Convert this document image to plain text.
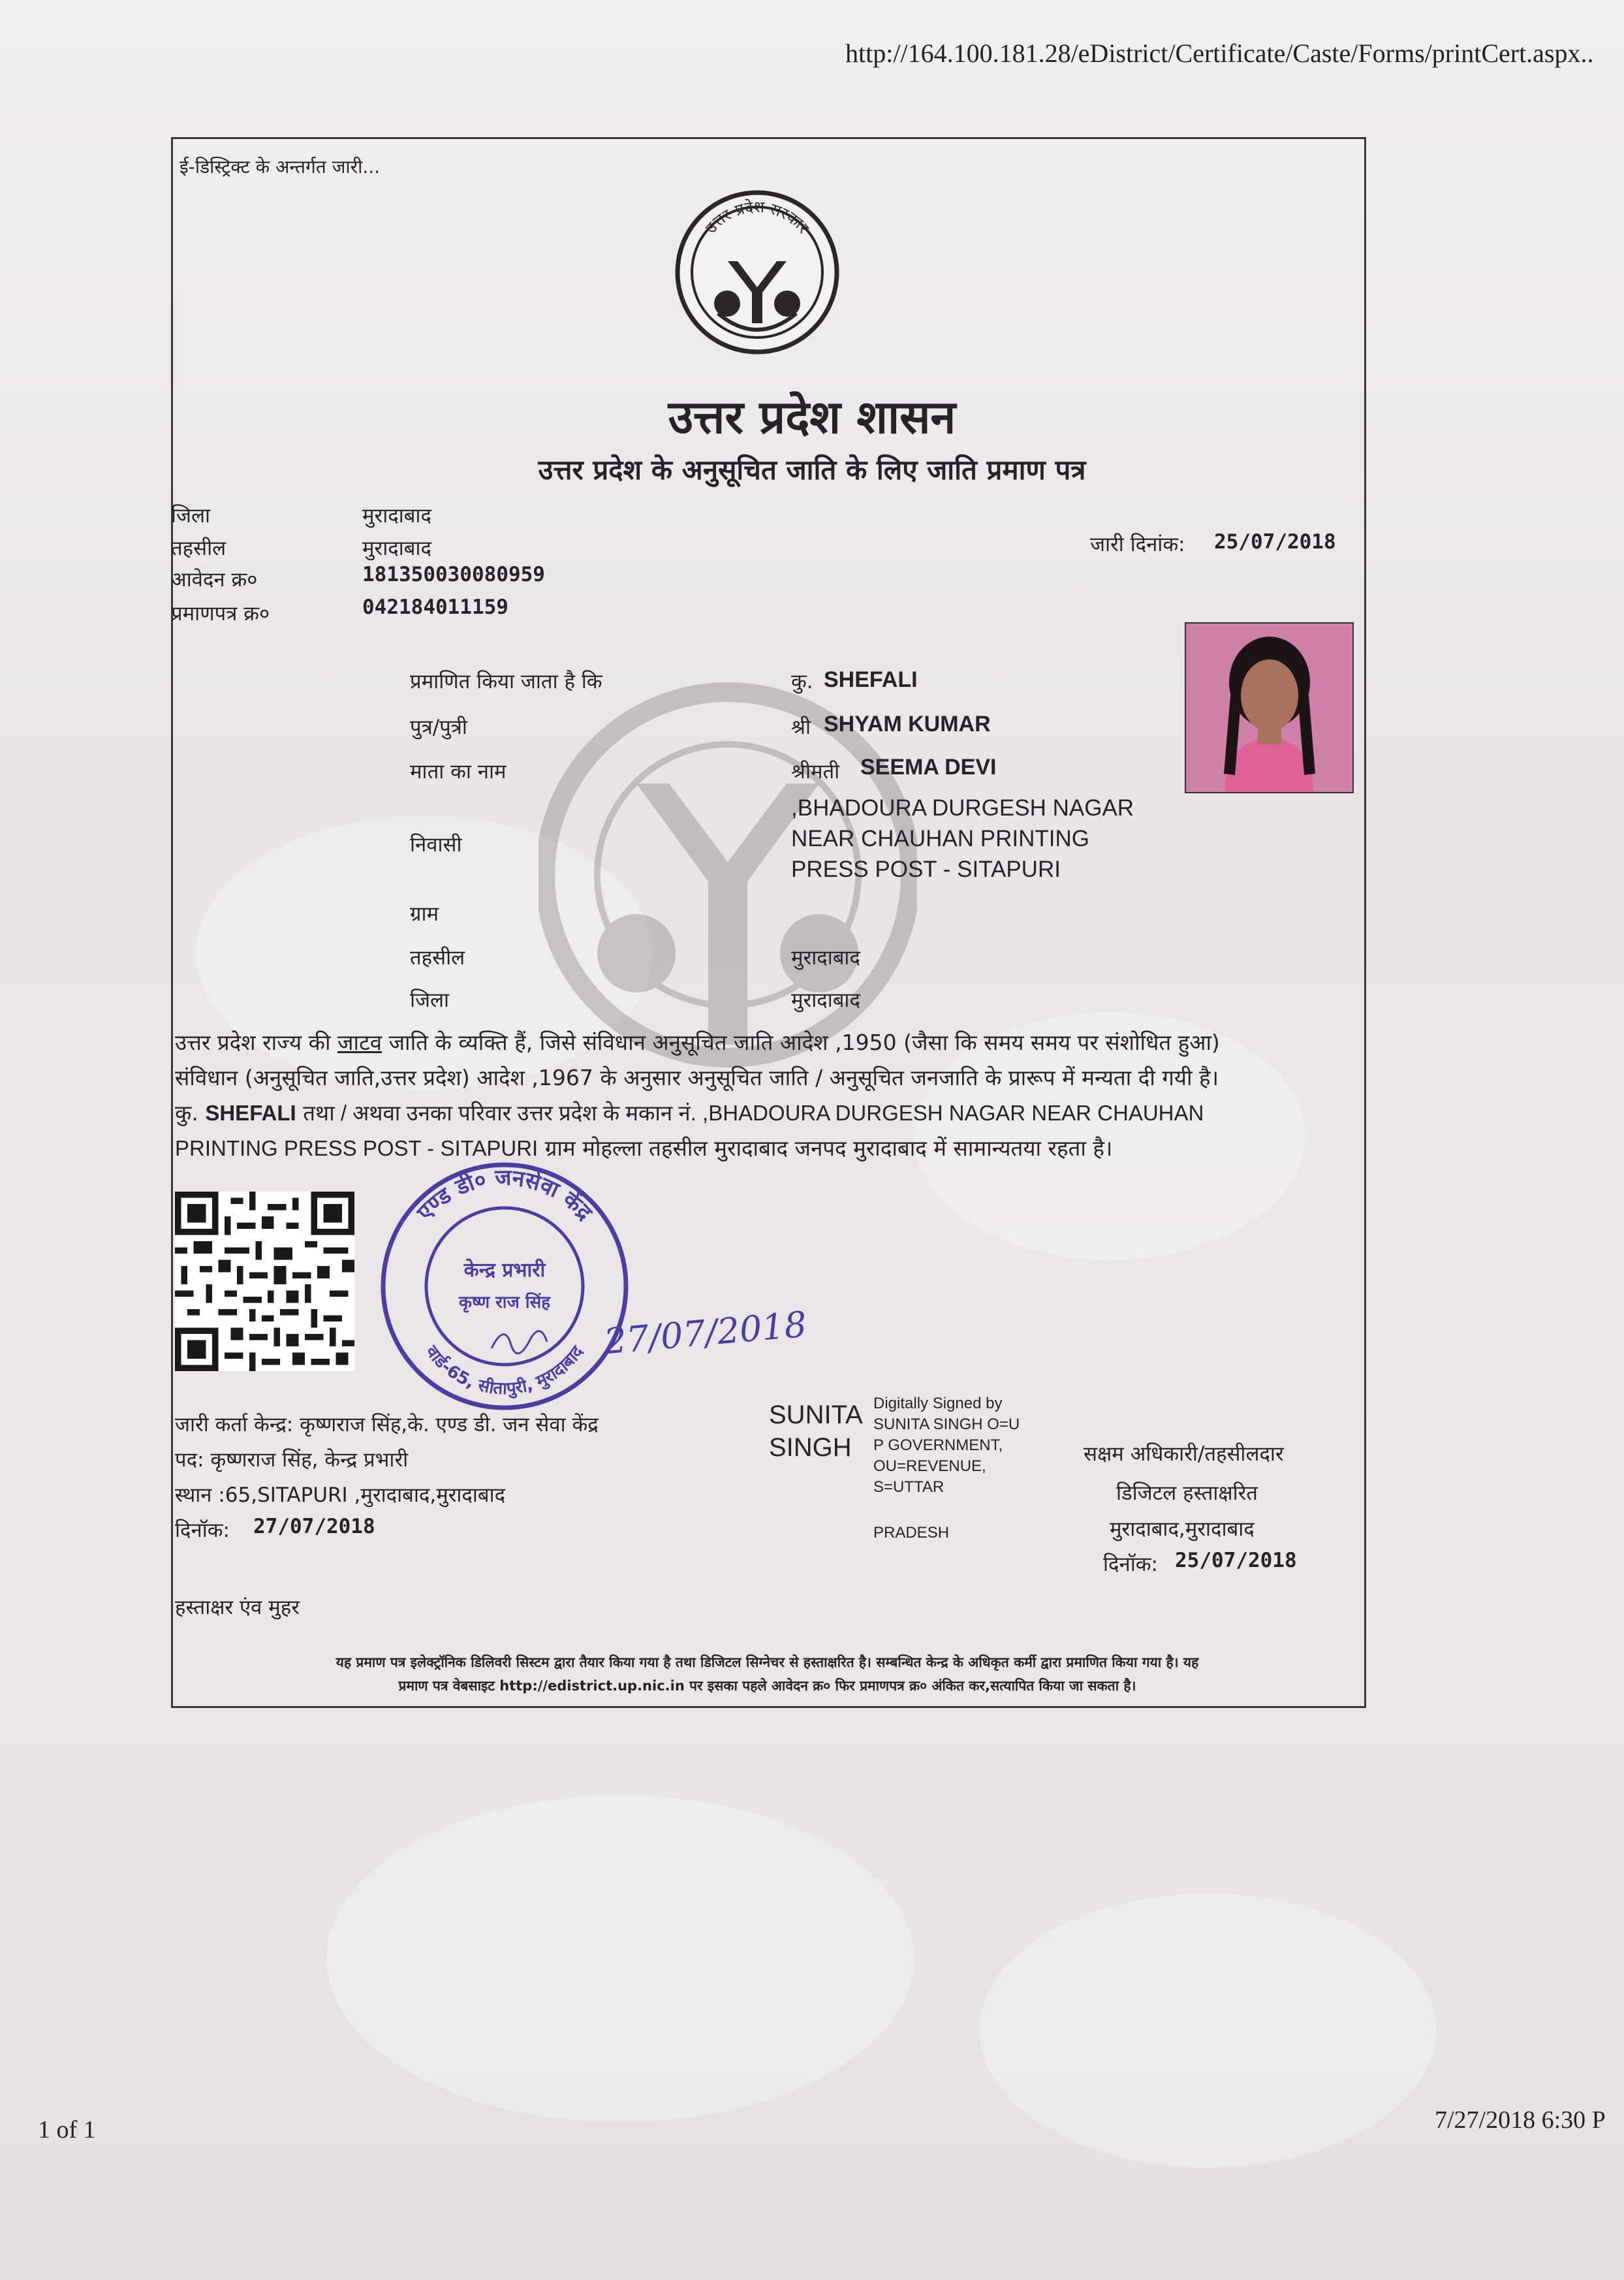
http://164.100.181.28/eDistrict/Certificate/Caste/Forms/printCert.aspx..
ई-डिस्ट्रिक्ट के अन्तर्गत जारी...
उत्तर प्रदेश सरकार
उत्तर प्रदेश शासन
उत्तर प्रदेश के अनुसूचित जाति के लिए जाति प्रमाण पत्र
जिला	मुरादाबाद
तहसील	मुरादाबाद
आवेदन क्र०	181350030080959
प्रमाणपत्र क्र०	042184011159
जारी दिनांक: 25/07/2018
प्रमाणित किया जाता है कि	कु. SHEFALI
पुत्र/पुत्री	श्री SHYAM KUMAR
माता का नाम	श्रीमती SEEMA DEVI
निवासी
,BHADOURA DURGESH NAGAR
NEAR CHAUHAN PRINTING
PRESS POST - SITAPURI
ग्राम
तहसील	मुरादाबाद
जिला	मुरादाबाद
उत्तर प्रदेश राज्य की जाटव जाति के व्यक्ति हैं, जिसे संविधान अनुसूचित जाति आदेश ,1950 (जैसा कि समय समय पर संशोधित हुआ)
संविधान (अनुसूचित जाति,उत्तर प्रदेश) आदेश ,1967 के अनुसार अनुसूचित जाति / अनुसूचित जनजाति के प्रारूप में मन्यता दी गयी है।
कु. SHEFALI तथा / अथवा उनका परिवार उत्तर प्रदेश के मकान नं. ,BHADOURA DURGESH NAGAR NEAR CHAUHAN
PRINTING PRESS POST - SITAPURI ग्राम मोहल्ला तहसील मुरादाबाद जनपद मुरादाबाद में सामान्यतया रहता है।
एण्ड डी० जनसेवा केंद्र
वार्ड-65, सीतापुरी, मुरादाबाद
केन्द्र प्रभारी
कृष्ण राज सिंह
27/07/2018
जारी कर्ता केन्द्र: कृष्णराज सिंह,के. एण्ड डी. जन सेवा केंद्र
पद: कृष्णराज सिंह, केन्द्र प्रभारी
स्थान :65,SITAPURI ,मुरादाबाद,मुरादाबाद
दिनॉक: 27/07/2018
हस्ताक्षर एंव मुहर
SUNITA
SINGH
Digitally Signed by
SUNITA SINGH O=U
P GOVERNMENT,
OU=REVENUE,
S=UTTAR
PRADESH
सक्षम अधिकारी/तहसीलदार
डिजिटल हस्ताक्षरित
मुरादाबाद,मुरादाबाद
दिनॉक: 25/07/2018
यह प्रमाण पत्र इलेक्ट्रॉनिक डिलिवरी सिस्टम द्वारा तैयार किया गया है तथा डिजिटल सिग्नेचर से हस्ताक्षरित है। सम्बन्धित केन्द्र के अधिकृत कर्मी द्वारा प्रमाणित किया गया है। यह
प्रमाण पत्र वेबसाइट http://edistrict.up.nic.in पर इसका पहले आवेदन क्र० फिर प्रमाणपत्र क्र० अंकित कर,सत्यापित किया जा सकता है।
1 of 1	7/27/2018 6:30 P
